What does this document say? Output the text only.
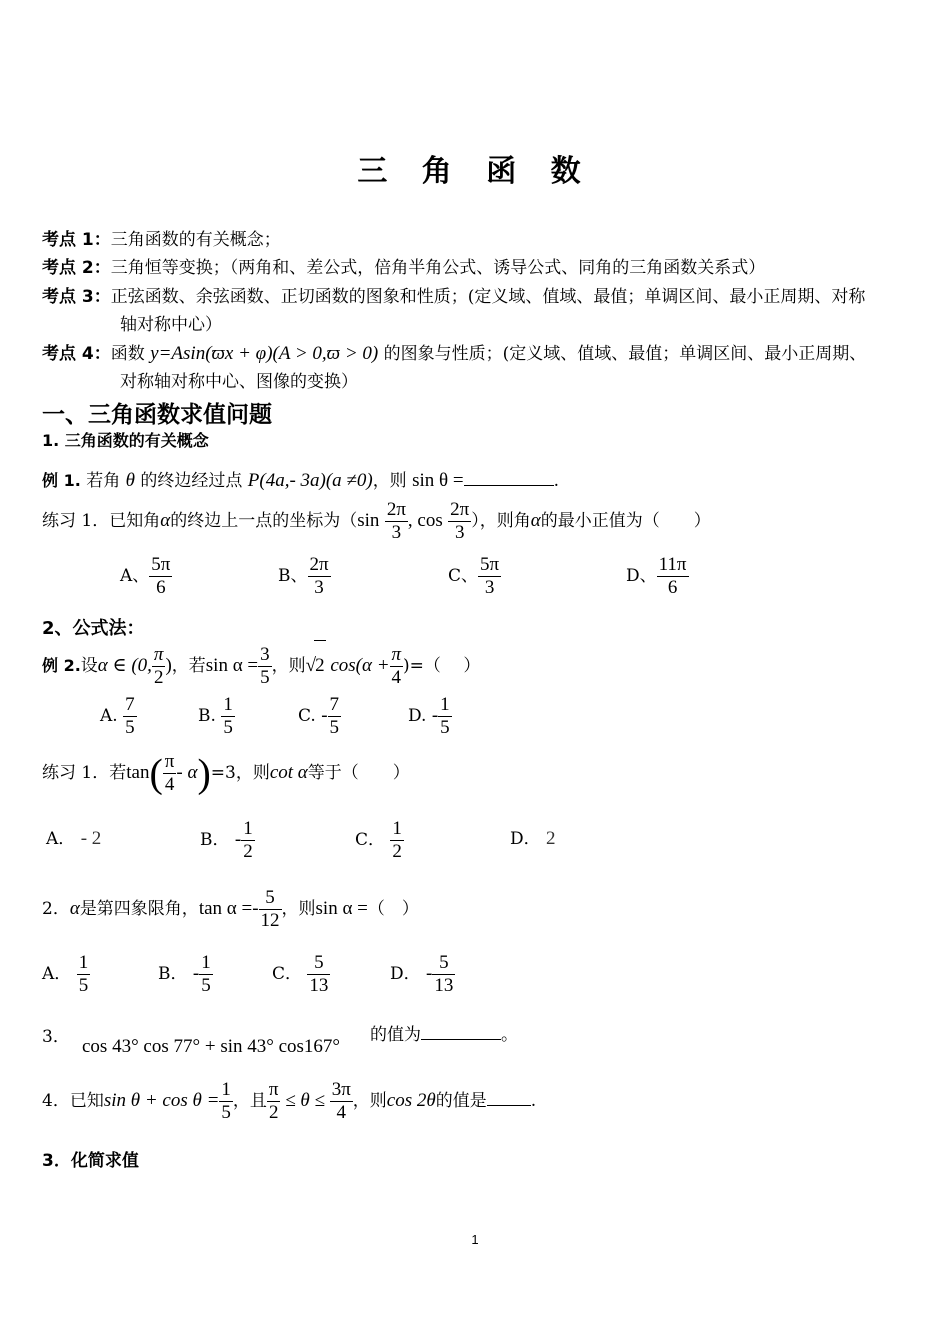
三 角 函 数
考点 1：三角函数的有关概念；
考点 2：三角恒等变换；（两角和、差公式，倍角半角公式、诱导公式、同角的三角函数关系式）
考点 3：正弦函数、余弦函数、正切函数的图象和性质；(定义域、值域、最值；单调区间、最小正周期、对称
轴对称中心）
考点 4：函数 y=Asin(ϖx + φ)(A > 0,ϖ > 0) 的图象与性质；(定义域、值域、最值；单调区间、最小正周期、
对称轴对称中心、图像的变换）
一、三角函数求值问题
1. 三角函数的有关概念
例 1. 若角 θ 的终边经过点 P(4a,- 3a)(a ≠0)，则 sin θ =	.
练习 1．已知角α的终边上一点的坐标为（$\sin \frac{2\pi}{3}$ , $\cos \frac{2\pi}{3}$ ），则角α的最小正值为（　　）
A、 $\frac{5\pi}{6}$	B、 $\frac{2\pi}{3}$	C、 $\frac{5\pi}{3}$	D、 $\frac{11\pi}{6}$
2、公式法：
例 2.设α ∈ (0, $\frac{\pi}{2}$ )，若$\sin \alpha = \frac{3}{5}$ ，则√2 $\cos(\alpha + \frac{\pi}{4}$ )=（　 ）
A. $\frac{7}{5}$	B. $\frac{1}{5}$	C. - $\frac{7}{5}$	D. - $\frac{1}{5}$
练习 1．若$\tan( \frac{\pi}{4} - \alpha)=3$，则cot α等于（　　）
A． - 2	B． - $\frac{1}{2}$	C． $\frac{1}{2}$	D． 2
2．α是第四象限角，$\tan \alpha =- \frac{5}{12}$ ，则sin α =（　）
A． $\frac{1}{5}$	B． - $\frac{1}{5}$	C． $\frac{5}{13}$	D． - $\frac{5}{13}$
3． cos 43° cos 77° + sin 43° cos167°
的值为	。
4．已知$\sin \theta + \cos \theta = \frac{1}{5}$ ，且 $\frac{\pi}{2} \le \theta \le \frac{3\pi}{4}$ ，则cos 2θ的值是	.
3．化简求值
1
